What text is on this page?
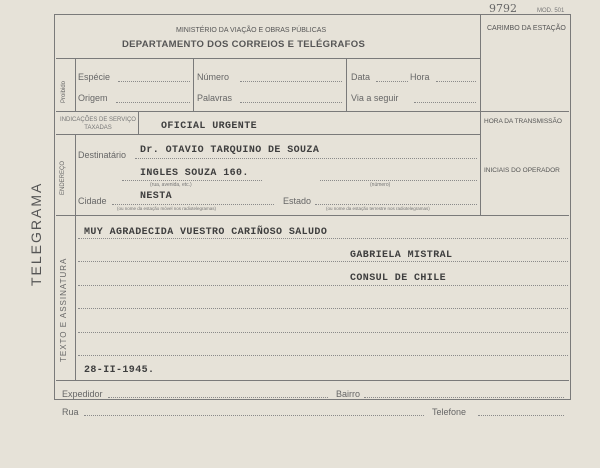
MINISTÉRIO DA VIAÇÃO E OBRAS PÚBLICAS
DEPARTAMENTO DOS CORREIOS E TELÉGRAFOS
9792	MOD. 501
CARIMBO DA ESTAÇÃO
Proibido
Espécie	Número	Data	Hora
Origem	Palavras	Via a seguir
INDICAÇÕES DE SERVIÇO TAXADAS	OFICIAL URGENTE	HORA DA TRANSMISSÃO
ENDEREÇO
Destinatário Dr. OTAVIO TARQUINO DE SOUZA
INGLES SOUZA 160.
(rua, avenida, etc.)	(número)
Cidade	NESTA	Estado
(ou nome da estação móvel nos radiotelegramas)	(ou nome da estação terrestre nos radiotelegramas)
INICIAIS DO OPERADOR
TEXTO E ASSINATURA
MUY AGRADECIDA VUESTRO CARIÑOSO SALUDO
GABRIELA MISTRAL
CONSUL DE CHILE
28-II-1945.
Expedidor	Bairro
Rua	Telefone
TELEGRAMA
